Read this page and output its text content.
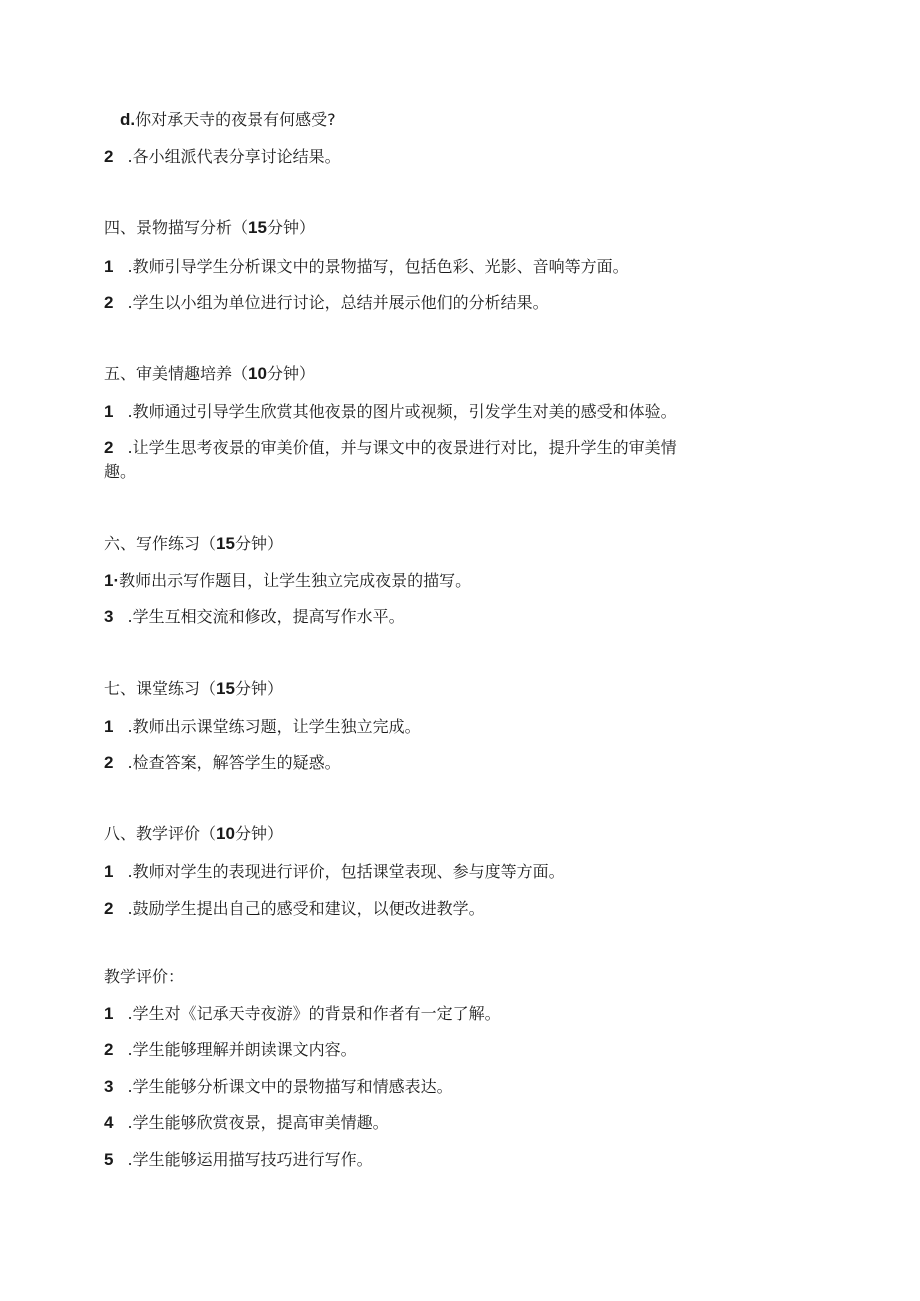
d.你对承天寺的夜景有何感受?
2 .各小组派代表分享讨论结果。
四、景物描写分析（15分钟）
1 .教师引导学生分析课文中的景物描写，包括色彩、光影、音响等方面。
2 .学生以小组为单位进行讨论，总结并展示他们的分析结果。
五、审美情趣培养（10分钟）
1 .教师通过引导学生欣赏其他夜景的图片或视频，引发学生对美的感受和体验。
2 .让学生思考夜景的审美价值，并与课文中的夜景进行对比，提升学生的审美情
趣。
六、写作练习（15分钟）
1·教师出示写作题目，让学生独立完成夜景的描写。
3 .学生互相交流和修改，提高写作水平。
七、课堂练习（15分钟）
1 .教师出示课堂练习题，让学生独立完成。
2 .检查答案，解答学生的疑惑。
八、教学评价（10分钟）
1 .教师对学生的表现进行评价，包括课堂表现、参与度等方面。
2 .鼓励学生提出自己的感受和建议，以便改进教学。
教学评价：
1 .学生对《记承天寺夜游》的背景和作者有一定了解。
2 .学生能够理解并朗读课文内容。
3 .学生能够分析课文中的景物描写和情感表达。
4 .学生能够欣赏夜景，提高审美情趣。
5 .学生能够运用描写技巧进行写作。
